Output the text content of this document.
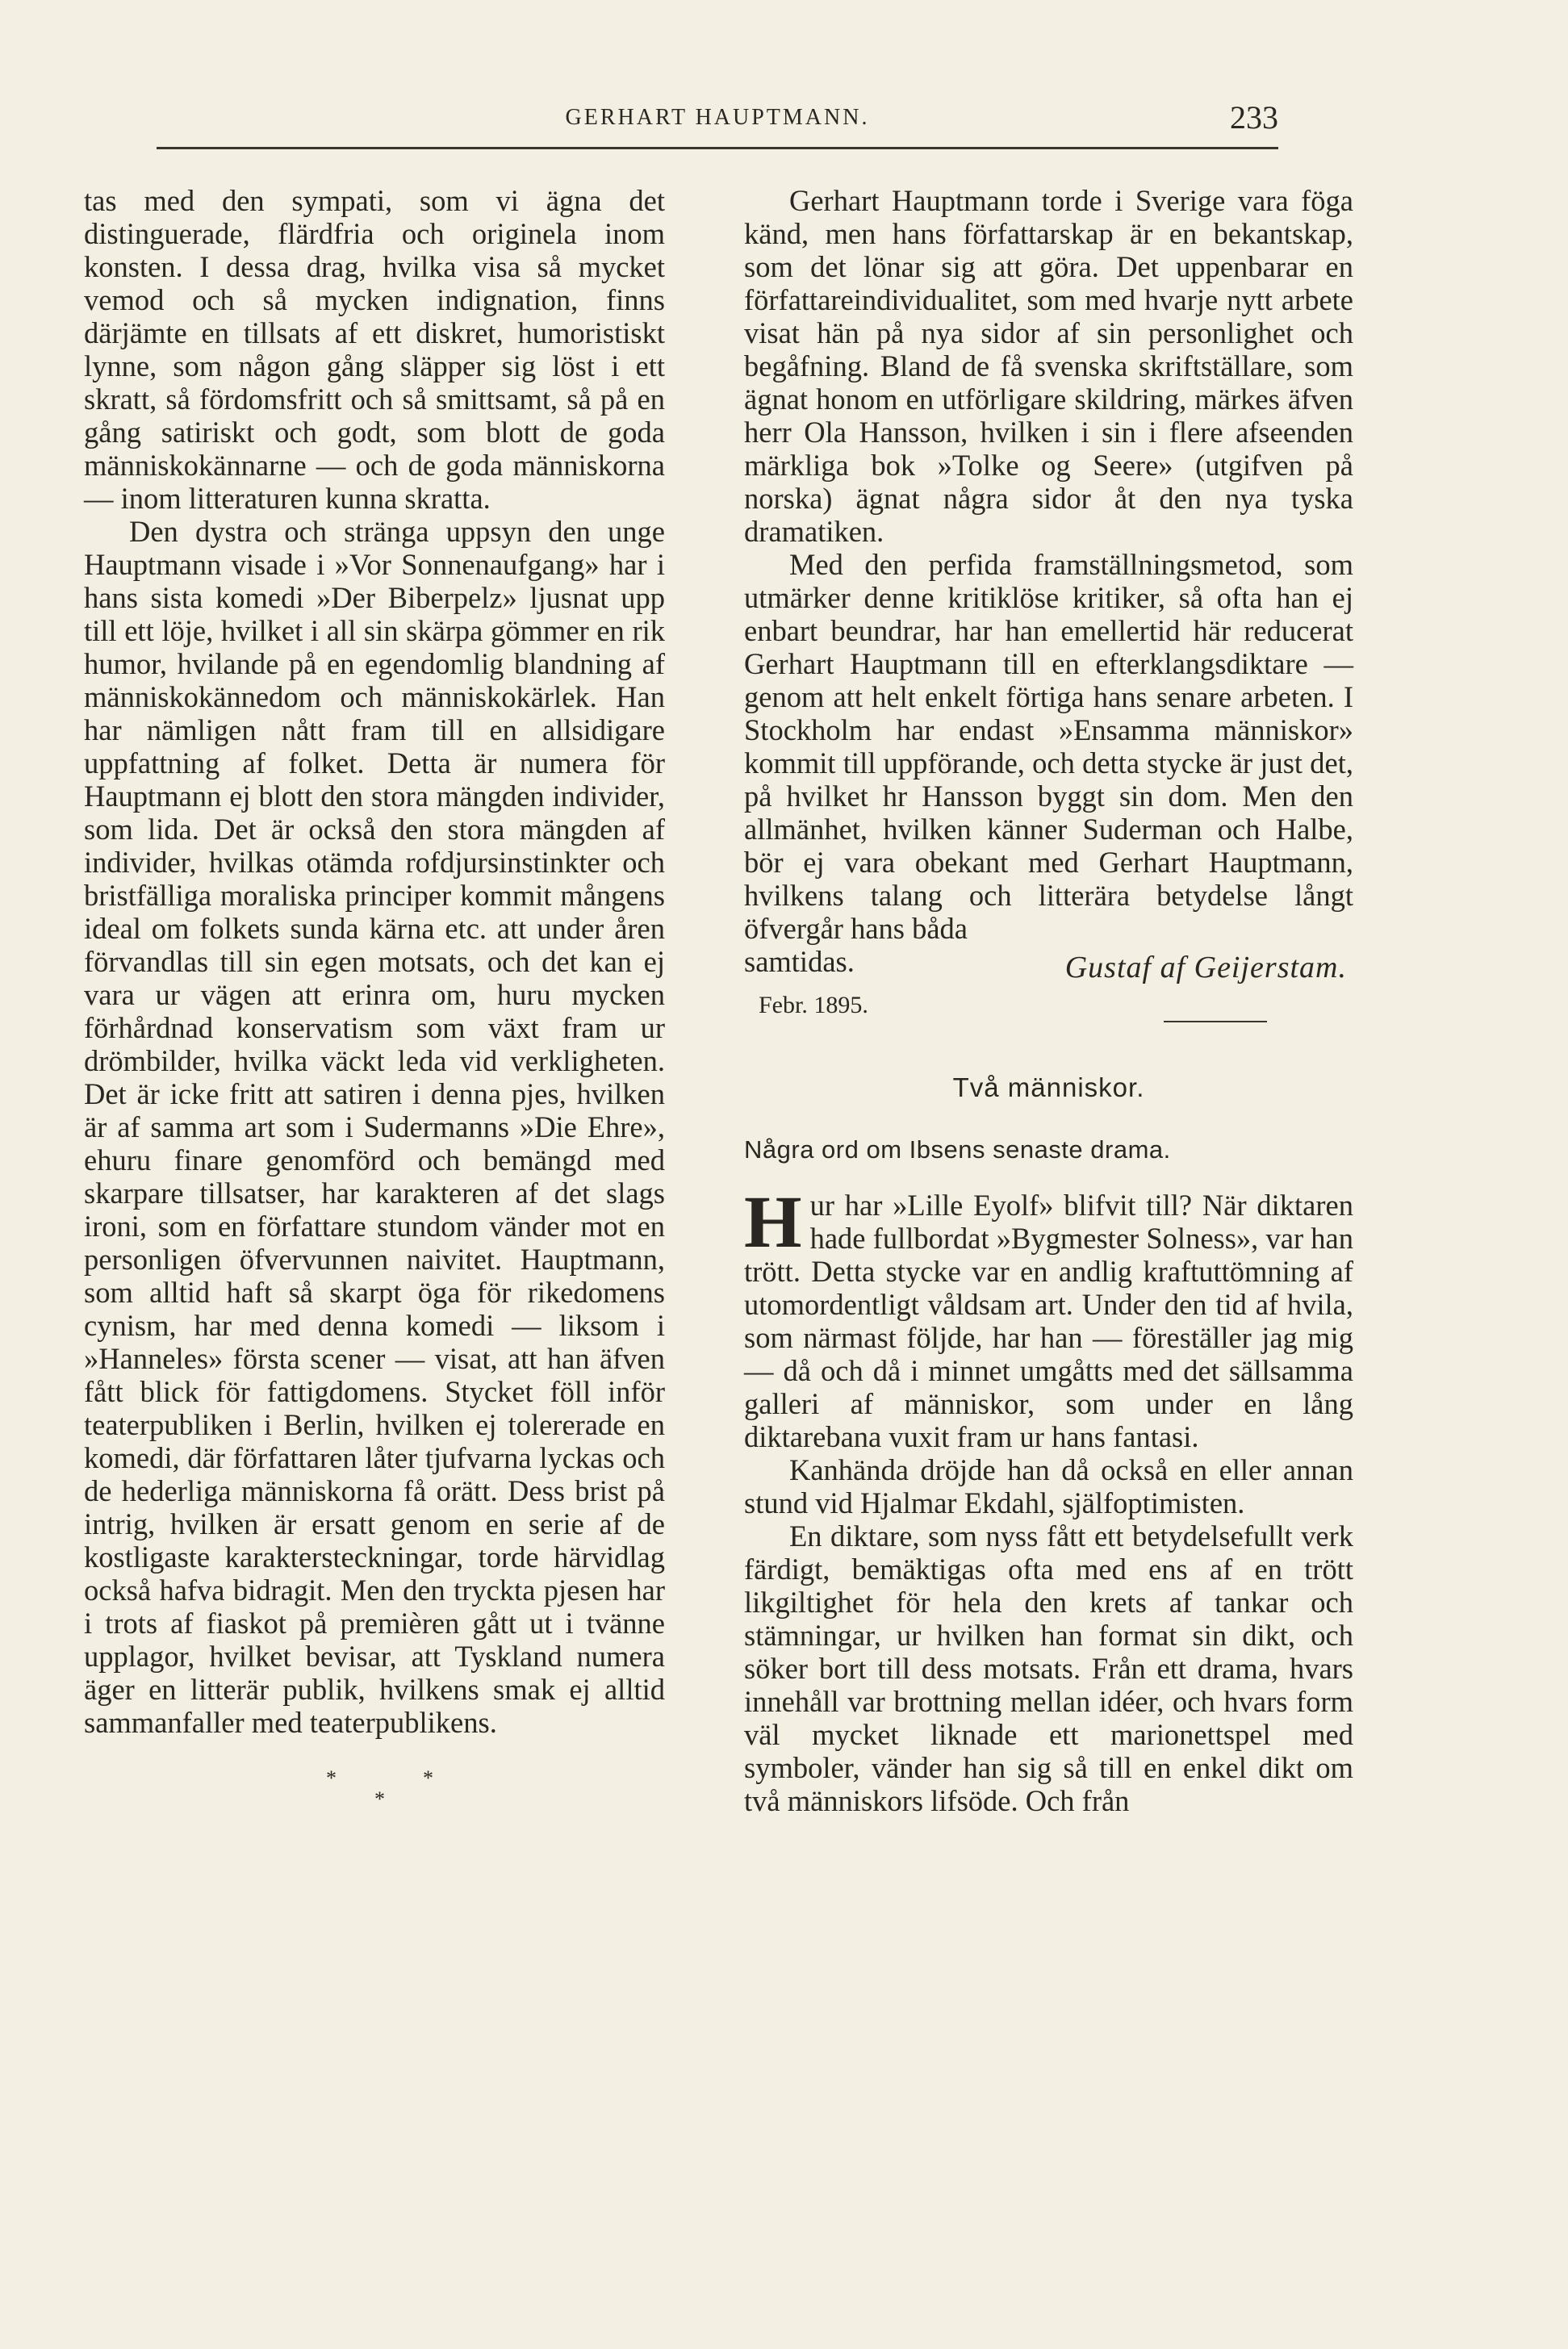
GERHART HAUPTMANN.	233

tas med den sympati, som vi ägna det distinguerade, flärdfria och originela inom konsten. I dessa drag, hvilka visa så mycket vemod och så mycken indignation, finns därjämte en tillsats af ett diskret, humoristiskt lynne, som någon gång släpper sig löst i ett skratt, så fördomsfritt och så smittsamt, så på en gång satiriskt och godt, som blott de goda människokännarne — och de goda människorna — inom litteraturen kunna skratta.

Den dystra och stränga uppsyn den unge Hauptmann visade i »Vor Sonnenaufgang» har i hans sista komedi »Der Biberpelz» ljusnat upp till ett löje, hvilket i all sin skärpa gömmer en rik humor, hvilande på en egendomlig blandning af människokännedom och människokärlek. Han har nämligen nått fram till en allsidigare uppfattning af folket. Detta är numera för Hauptmann ej blott den stora mängden individer, som lida. Det är också den stora mängden af individer, hvilkas otämda rofdjursinstinkter och bristfälliga moraliska principer kommit mångens ideal om folkets sunda kärna etc. att under åren förvandlas till sin egen motsats, och det kan ej vara ur vägen att erinra om, huru mycken förhårdnad konservatism som växt fram ur drömbilder, hvilka väckt leda vid verkligheten. Det är icke fritt att satiren i denna pjes, hvilken är af samma art som i Sudermanns »Die Ehre», ehuru finare genomförd och bemängd med skarpare tillsatser, har karakteren af det slags ironi, som en författare stundom vänder mot en personligen öfvervunnen naivitet. Hauptmann, som alltid haft så skarpt öga för rikedomens cynism, har med denna komedi — liksom i »Hanneles» första scener — visat, att han äfven fått blick för fattigdomens. Stycket föll inför teaterpubliken i Berlin, hvilken ej tolererade en komedi, där författaren låter tjufvarna lyckas och de hederliga människorna få orätt. Dess brist på intrig, hvilken är ersatt genom en serie af de kostligaste karaktersteckningar, torde härvidlag också hafva bidragit. Men den tryckta pjesen har i trots af fiaskot på premièren gått ut i tvänne upplagor, hvilket bevisar, att Tyskland numera äger en litterär publik, hvilkens smak ej alltid sammanfaller med teaterpublikens.

*	*
*

Gerhart Hauptmann torde i Sverige vara föga känd, men hans författarskap är en bekantskap, som det lönar sig att göra. Det uppenbarar en författareindividualitet, som med hvarje nytt arbete visat hän på nya sidor af sin personlighet och begåfning. Bland de få svenska skriftställare, som ägnat honom en utförligare skildring, märkes äfven herr Ola Hansson, hvilken i sin i flere afseenden märkliga bok »Tolke og Seere» (utgifven på norska) ägnat några sidor åt den nya tyska dramatiken.

Med den perfida framställningsmetod, som utmärker denne kritiklöse kritiker, så ofta han ej enbart beundrar, har han emellertid här reducerat Gerhart Hauptmann till en efterklangsdiktare — genom att helt enkelt förtiga hans senare arbeten. I Stockholm har endast »Ensamma människor» kommit till uppförande, och detta stycke är just det, på hvilket hr Hansson byggt sin dom. Men den allmänhet, hvilken känner Suderman och Halbe, bör ej vara obekant med Gerhart Hauptmann, hvilkens talang och litterära betydelse långt öfvergår hans båda

samtidas.	Gustaf af Geijerstam.
Febr. 1895.
Två människor.
Några ord om Ibsens senaste drama.
H ur har »Lille Eyolf» blifvit till? När diktaren hade fullbordat »Bygmester Solness», var han trött. Detta stycke var en andlig kraftuttömning af utomordentligt våldsam art. Under den tid af hvila, som närmast följde, har han — föreställer jag mig — då och då i minnet umgåtts med det sällsamma galleri af människor, som under en lång diktarebana vuxit fram ur hans fantasi.

Kanhända dröjde han då också en eller annan stund vid Hjalmar Ekdahl, själfoptimisten.

En diktare, som nyss fått ett betydelsefullt verk färdigt, bemäktigas ofta med ens af en trött likgiltighet för hela den krets af tankar och stämningar, ur hvilken han format sin dikt, och söker bort till dess motsats. Från ett drama, hvars innehåll var brottning mellan idéer, och hvars form väl mycket liknade ett marionettspel med symboler, vänder han sig så till en enkel dikt om två människors lifsöde. Och från
